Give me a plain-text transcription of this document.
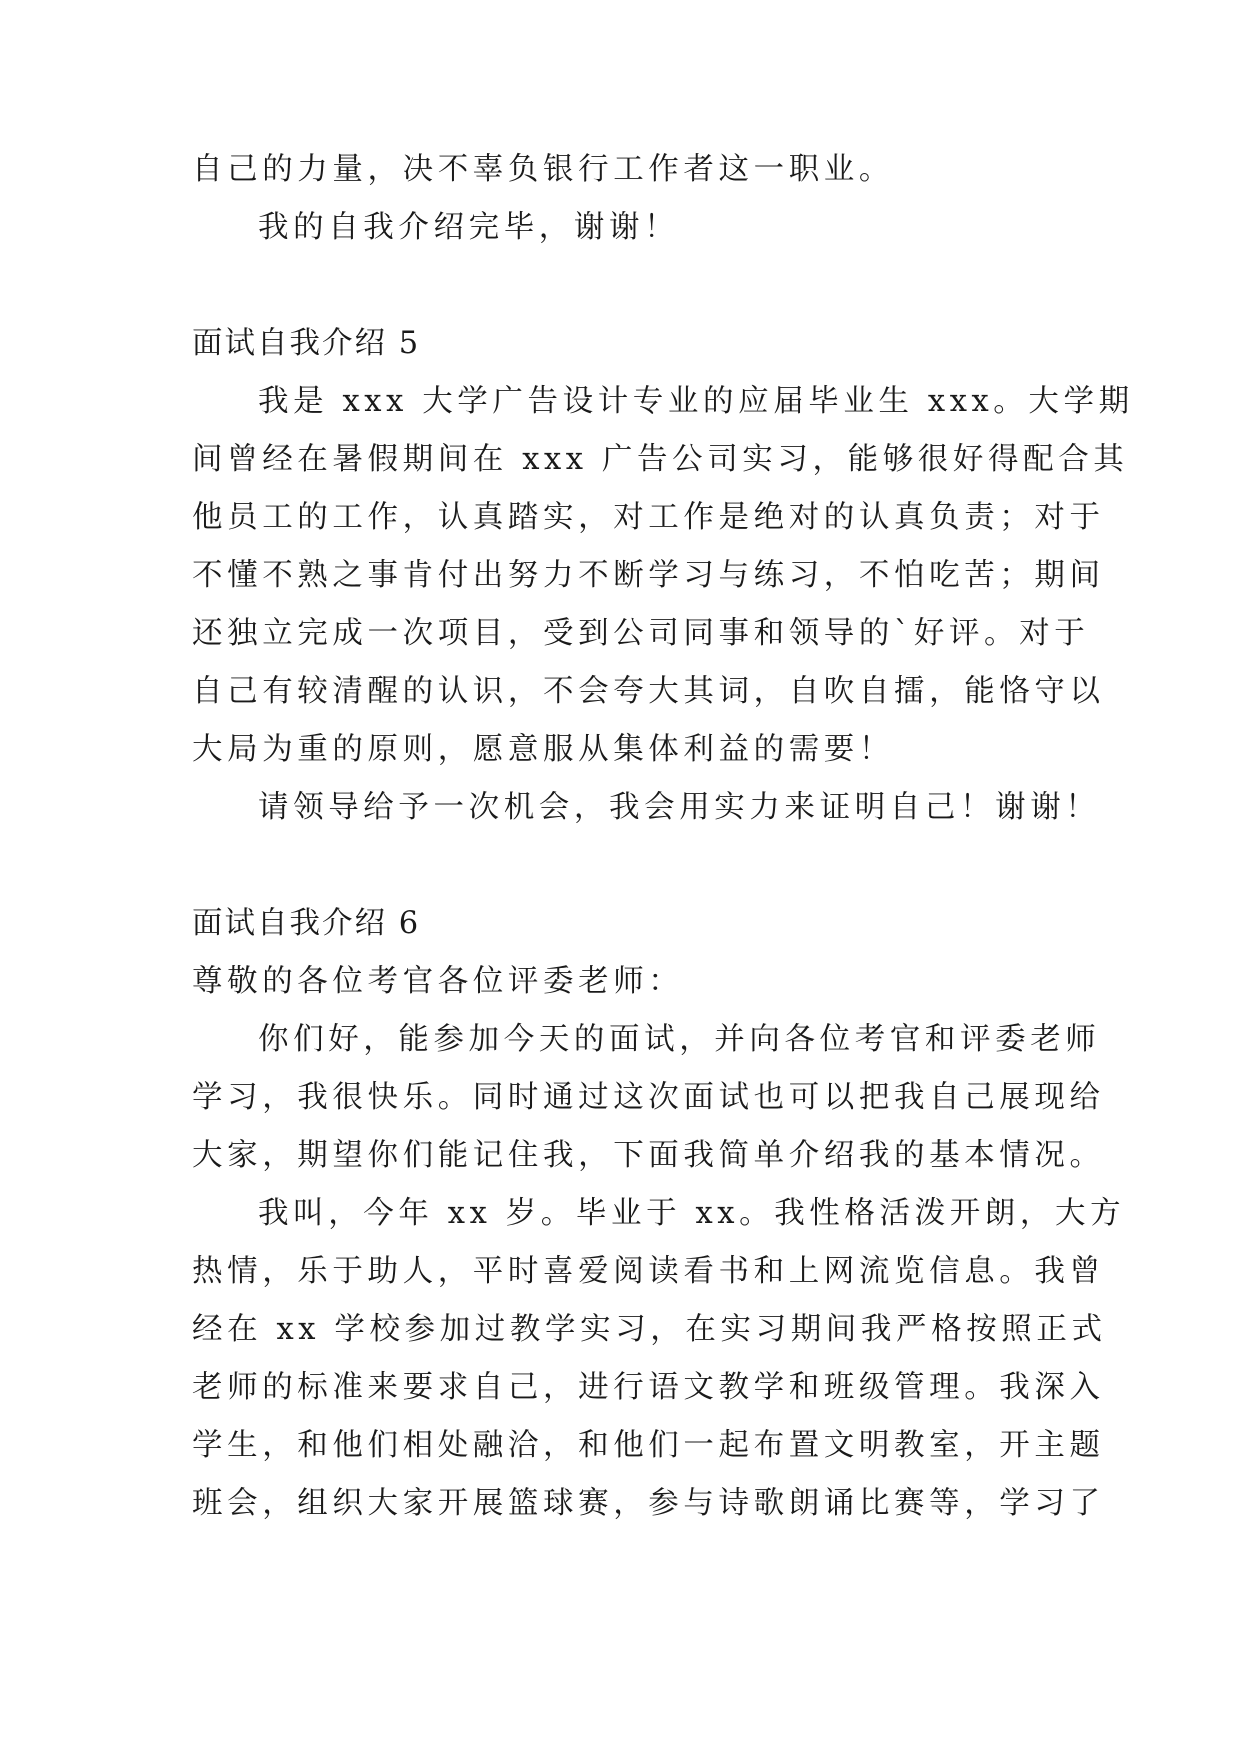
自己的力量，决不辜负银行工作者这一职业。
我的自我介绍完毕，谢谢！
面试自我介绍 5
我是 xxx 大学广告设计专业的应届毕业生 xxx。大学期
间曾经在暑假期间在 xxx 广告公司实习，能够很好得配合其
他员工的工作，认真踏实，对工作是绝对的认真负责；对于
不懂不熟之事肯付出努力不断学习与练习，不怕吃苦；期间
还独立完成一次项目，受到公司同事和领导的`好评。对于
自己有较清醒的认识，不会夸大其词，自吹自擂，能恪守以
大局为重的原则，愿意服从集体利益的需要！
请领导给予一次机会，我会用实力来证明自己！谢谢！
面试自我介绍 6
尊敬的各位考官各位评委老师：
你们好，能参加今天的面试，并向各位考官和评委老师
学习，我很快乐。同时通过这次面试也可以把我自己展现给
大家，期望你们能记住我，下面我简单介绍我的基本情况。
我叫，今年 xx 岁。毕业于 xx。我性格活泼开朗，大方
热情，乐于助人，平时喜爱阅读看书和上网流览信息。我曾
经在 xx 学校参加过教学实习，在实习期间我严格按照正式
老师的标准来要求自己，进行语文教学和班级管理。我深入
学生，和他们相处融洽，和他们一起布置文明教室，开主题
班会，组织大家开展篮球赛，参与诗歌朗诵比赛等，学习了
